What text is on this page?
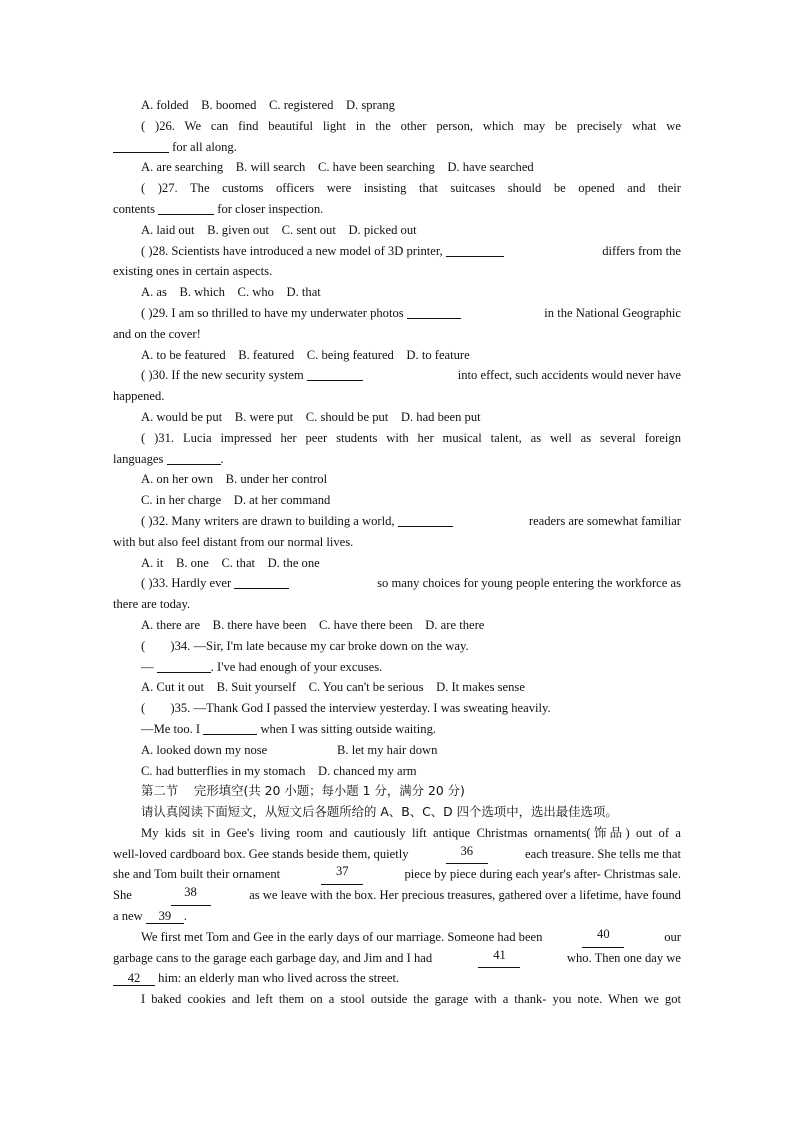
A. folded    B. boomed    C. registered    D. sprang
( )26. We can find beautiful light in the other person, which may be precisely what we
for all along.
A. are searching    B. will search    C. have been searching    D. have searched
( )27. The customs officers were insisting that suitcases should be opened and their
contents	for closer inspection.
A. laid out    B. given out    C. sent out    D. picked out
( )28. Scientists have introduced a new model of 3D printer,	differs from the
existing ones in certain aspects.
A. as    B. which    C. who    D. that
( )29. I am so thrilled to have my underwater photos	in the National Geographic
and on the cover!
A. to be featured    B. featured    C. being featured    D. to feature
( )30. If the new security system	into effect, such accidents would never have
happened.
A. would be put    B. were put    C. should be put    D. had been put
( )31. Lucia impressed her peer students with her musical talent, as well as several foreign
languages	.
A. on her own    B. under her control
C. in her charge    D. at her command
( )32. Many writers are drawn to building a world,	readers are somewhat familiar
with but also feel distant from our normal lives.
A. it    B. one    C. that    D. the one
( )33. Hardly ever	so many choices for young people entering the workforce as
there are today.
A. there are    B. there have been    C. have there been    D. are there
(        )34. —Sir, I'm late because my car broke down on the way.
—	. I've had enough of your excuses.
A. Cut it out    B. Suit yourself    C. You can't be serious    D. It makes sense
(        )35. —Thank God I passed the interview yesterday. I was sweating heavily.
—Me too. I	when I was sitting outside waiting.
A. looked down my nose	B. let my hair down
C. had butterflies in my stomach    D. chanced my arm
第二节    完形填空(共 20 小题；每小题 1 分，满分 20 分)
请认真阅读下面短文，从短文后各题所给的 A、B、C、D 四个选项中，选出最佳选项。
My kids sit in Gee's living room and cautiously lift antique Christmas ornaments(饰品) out of a
well-loved cardboard box. Gee stands beside them, quietly	36	each treasure. She tells me that
she and Tom built their ornament	37	piece by piece during each year's after- Christmas sale.
She	38	as we leave with the box. Her precious treasures, gathered over a lifetime, have found
a new 39 .
We first met Tom and Gee in the early days of our marriage. Someone had been	40	our
garbage cans to the garage each garbage day, and Jim and I had	41	who. Then one day we
42 him: an elderly man who lived across the street.
I baked cookies and left them on a stool outside the garage with a thank- you note. When we got
